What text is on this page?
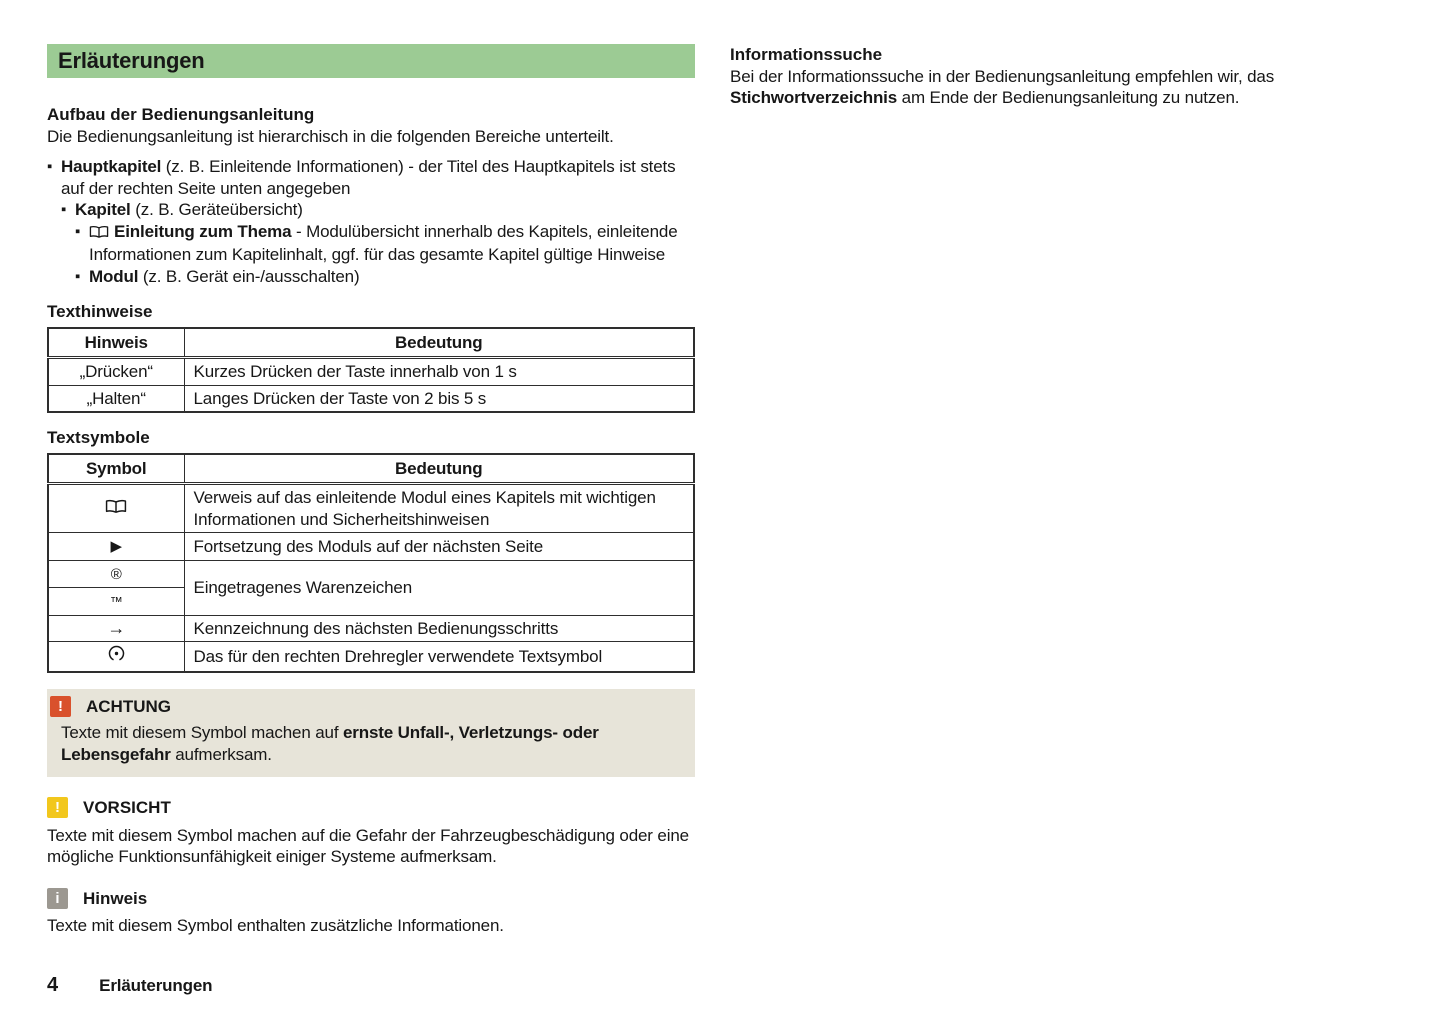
Erläuterungen
Aufbau der Bedienungsanleitung

Die Bedienungsanleitung ist hierarchisch in die folgenden Bereiche unterteilt.

▪ Hauptkapitel (z. B. Einleitende Informationen) - der Titel des Hauptkapitels ist stets auf der rechten Seite unten angegeben
▪ Kapitel (z. B. Geräteübersicht)
▪ Einleitung zum Thema - Modulübersicht innerhalb des Kapitels, einleitende Informationen zum Kapitelinhalt, ggf. für das gesamte Kapitel gültige Hinweise
▪ Modul (z. B. Gerät ein-/ausschalten)
Texthinweise
Hinweis	Bedeutung
„Drücken“	Kurzes Drücken der Taste innerhalb von 1 s
„Halten“	Langes Drücken der Taste von 2 bis 5 s
Textsymbole
Symbol	Bedeutung
	Verweis auf das einleitende Modul eines Kapitels mit wichtigen Informationen und Sicherheitshinweisen
▶	Fortsetzung des Moduls auf der nächsten Seite
®	Eingetragenes Warenzeichen
™	
→	Kennzeichnung des nächsten Bedienungsschritts
	Das für den rechten Drehregler verwendete Textsymbol
!	ACHTUNG
Texte mit diesem Symbol machen auf ernste Unfall-, Verletzungs- oder Lebensgefahr aufmerksam.
!	VORSICHT
Texte mit diesem Symbol machen auf die Gefahr der Fahrzeugbeschädigung oder eine mögliche Funktionsunfähigkeit einiger Systeme aufmerksam.
i	Hinweis
Texte mit diesem Symbol enthalten zusätzliche Informationen.
Informationssuche

Bei der Informationssuche in der Bedienungsanleitung empfehlen wir, das Stichwortverzeichnis am Ende der Bedienungsanleitung zu nutzen.

4 Erläuterungen
